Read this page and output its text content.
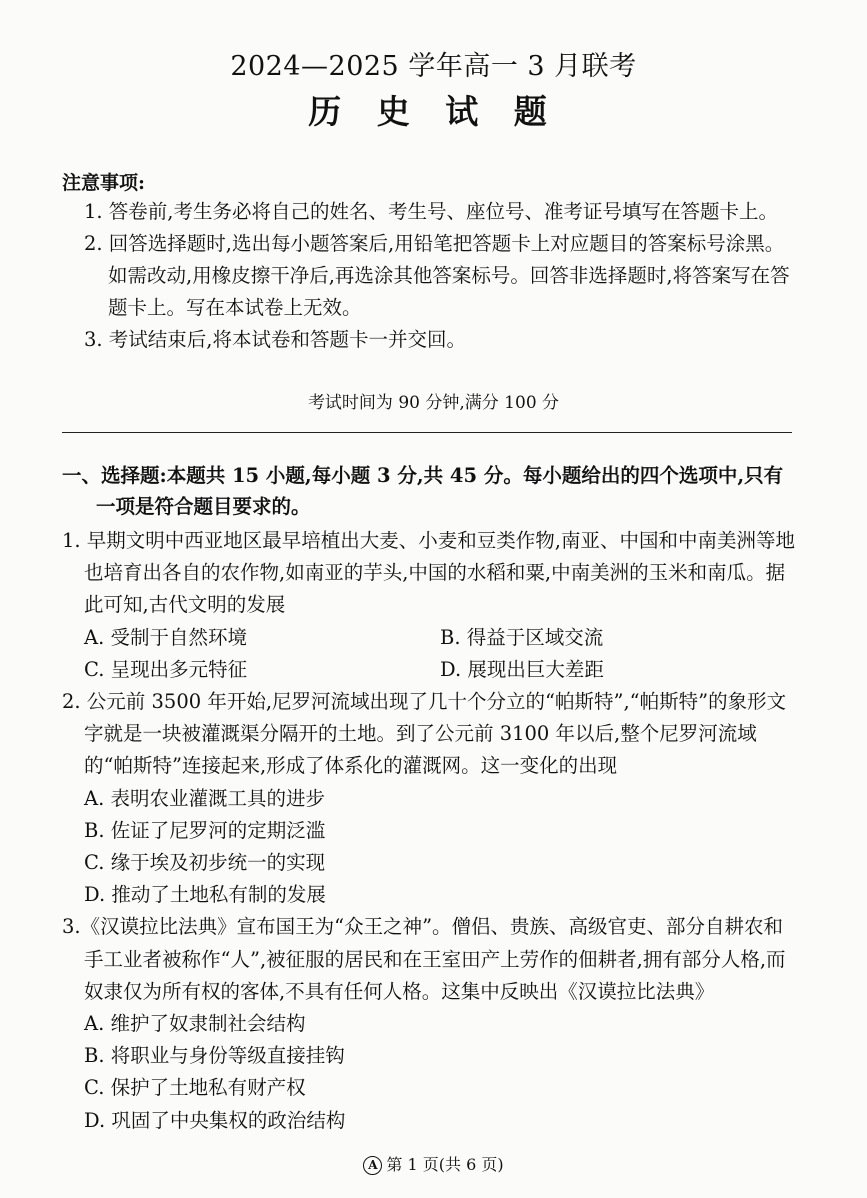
2024—2025 学年高一 3 月联考
历 史 试 题
注意事项:

1. 答卷前,考生务必将自己的姓名、考生号、座位号、准考证号填写在答题卡上。

2. 回答选择题时,选出每小题答案后,用铅笔把答题卡上对应题目的答案标号涂黑。如需改动,用橡皮擦干净后,再选涂其他答案标号。回答非选择题时,将答案写在答题卡上。写在本试卷上无效。

3. 考试结束后,将本试卷和答题卡一并交回。

考试时间为 90 分钟,满分 100 分
一、选择题:本题共 15 小题,每小题 3 分,共 45 分。每小题给出的四个选项中,只有
一项是符合题目要求的。
1. 早期文明中西亚地区最早培植出大麦、小麦和豆类作物,南亚、中国和中南美洲等地也培育出各自的农作物,如南亚的芋头,中国的水稻和粟,中南美洲的玉米和南瓜。据此可知,古代文明的发展
A. 受制于自然环境	B. 得益于区域交流
C. 呈现出多元特征	D. 展现出巨大差距
2. 公元前 3500 年开始,尼罗河流域出现了几十个分立的“帕斯特”,“帕斯特”的象形文字就是一块被灌溉渠分隔开的土地。到了公元前 3100 年以后,整个尼罗河流域的“帕斯特”连接起来,形成了体系化的灌溉网。这一变化的出现
A. 表明农业灌溉工具的进步
B. 佐证了尼罗河的定期泛滥
C. 缘于埃及初步统一的实现
D. 推动了土地私有制的发展
3.《汉谟拉比法典》宣布国王为“众王之神”。僧侣、贵族、高级官吏、部分自耕农和手工业者被称作“人”,被征服的居民和在王室田产上劳作的佃耕者,拥有部分人格,而奴隶仅为所有权的客体,不具有任何人格。这集中反映出《汉谟拉比法典》
A. 维护了奴隶制社会结构
B. 将职业与身份等级直接挂钩
C. 保护了土地私有财产权
D. 巩固了中央集权的政治结构
A 第 1 页(共 6 页)
